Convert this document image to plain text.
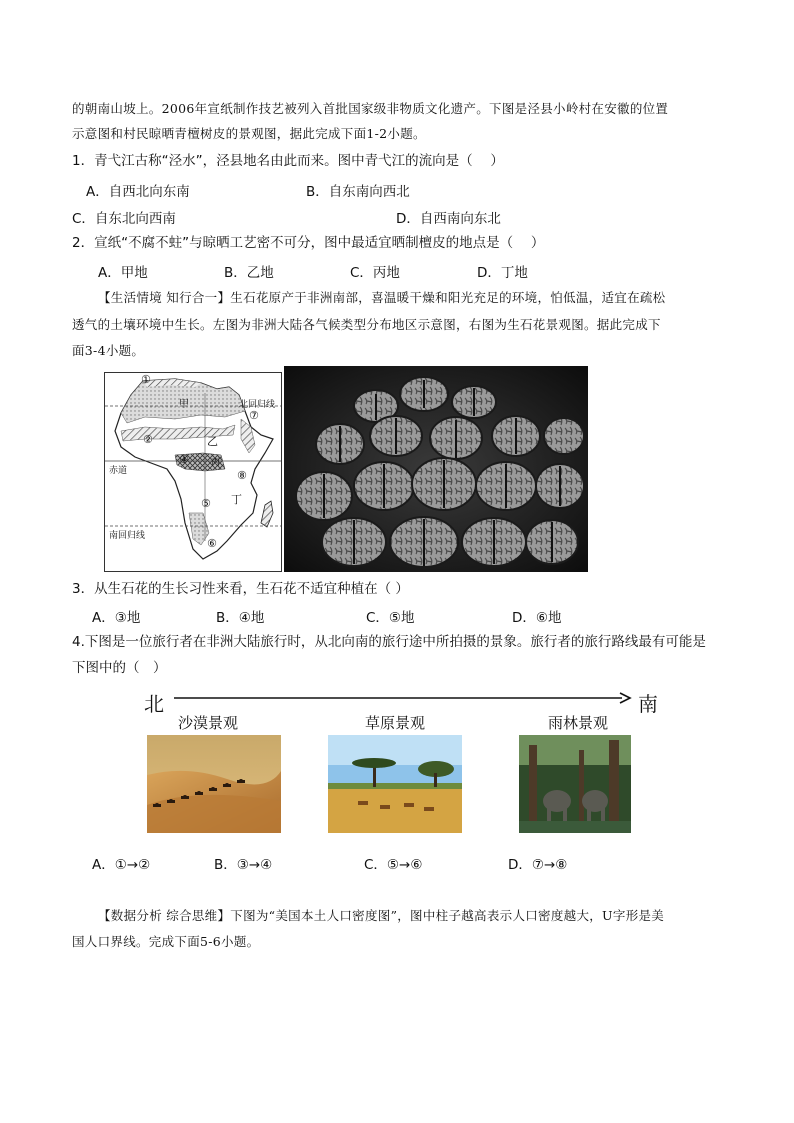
的朝南山坡上。2006年宣纸制作技艺被列入首批国家级非物质文化遗产。下图是泾县小岭村在安徽的位置
示意图和村民晾晒青檀树皮的景观图，据此完成下面1-2小题。
1．青弋江古称“泾水”，泾县地名由此而来。图中青弋江的流向是（　 ）
A．自西北向东南	B．自东南向西北
C．自东北向西南	D．自西南向东北
2．宣纸“不腐不蛀”与晾晒工艺密不可分，图中最适宜晒制檀皮的地点是（　 ）
A．甲地	B．乙地	C．丙地	D．丁地
【生活情境 知行合一】生石花原产于非洲南部，喜温暖干燥和阳光充足的环境，怕低温，适宜在疏松
透气的土壤环境中生长。左图为非洲大陆各气候类型分布地区示意图，右图为生石花景观图。据此完成下
面3-4小题。
北回归线
赤道
南回归线
甲
乙
丙
丁
①
②
④
⑤
⑥
⑦
⑧
3．从生石花的生长习性来看，生石花不适宜种植在（ ）
A．③地	B．④地	C．⑤地	D．⑥地
4.下图是一位旅行者在非洲大陆旅行时，从北向南的旅行途中所拍摄的景象。旅行者的旅行路线最有可能是
下图中的（　）
北	南
沙漠景观	草原景观	雨林景观
A．①→②	B．③→④	C．⑤→⑥	D．⑦→⑧
【数据分析 综合思维】下图为“美国本土人口密度图”，图中柱子越高表示人口密度越大，U字形是美
国人口界线。完成下面5-6小题。
